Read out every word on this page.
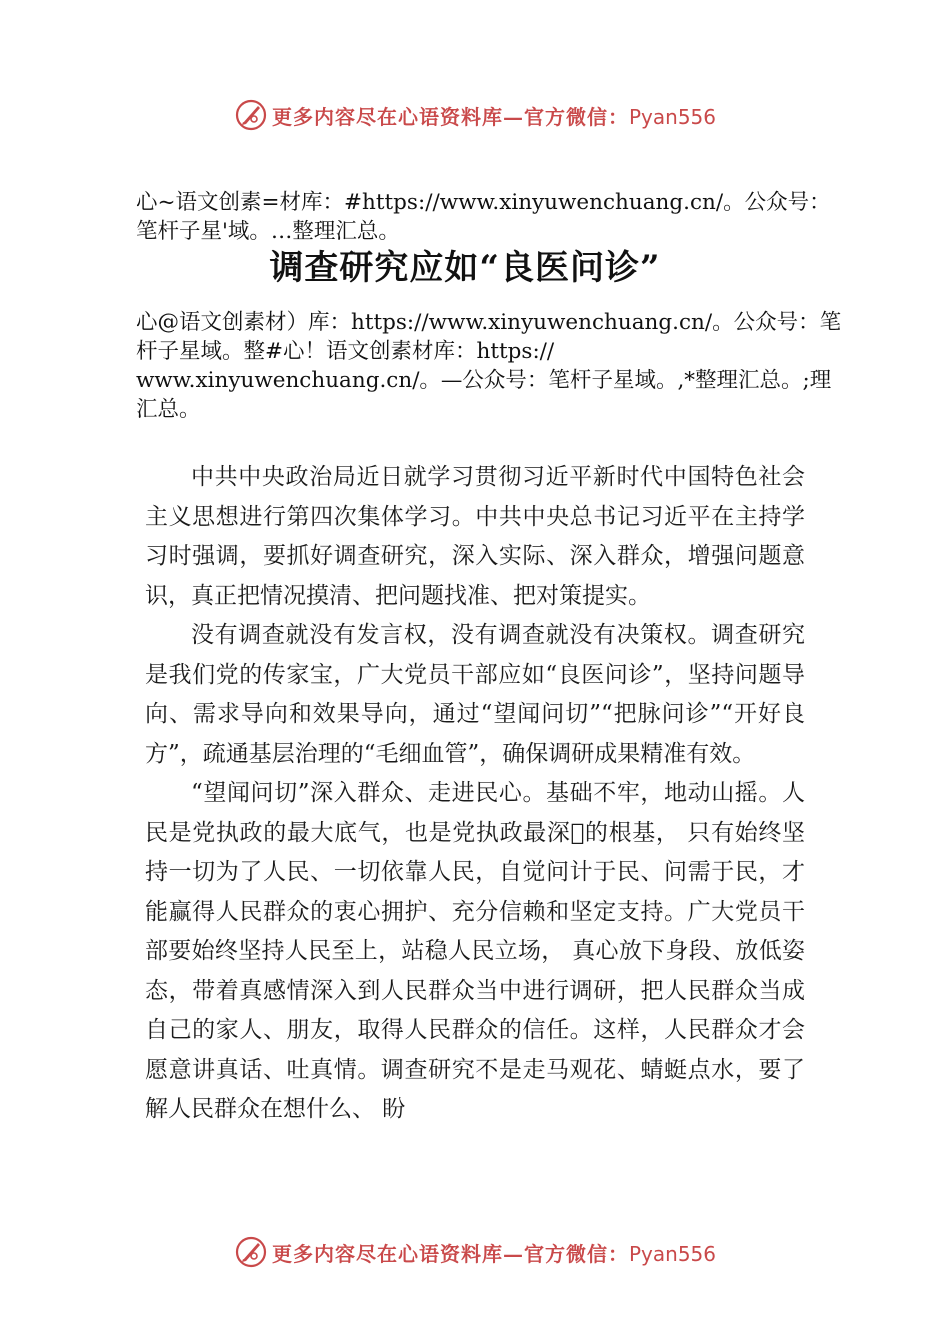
更多内容尽在心语资料库—官方微信：Pyan556
心~语文创素=材库：#https://www.xinyuwenchuang.cn/。公众号：笔杆子星'域。…整理汇总。
调查研究应如“良医问诊”
心@语文创素材）库：https://www.xinyuwenchuang.cn/。公众号：笔杆子星域。整#心！语文创素材库：https://
www.xinyuwenchuang.cn/。—公众号：笔杆子星域。,*整理汇总。;理汇总。

中共中央政治局近日就学习贯彻习近平新时代中国特色社会主义思想进行第四次集体学习。中共中央总书记习近平在主持学习时强调，要抓好调查研究，深入实际、深入群众，增强问题意识，真正把情况摸清、把问题找准、把对策提实。

没有调查就没有发言权，没有调查就没有决策权。调查研究是我们党的传家宝，广大党员干部应如“良医问诊”，坚持问题导向、需求导向和效果导向，通过“望闻问切”“把脉问诊”“开好良方”，疏通基层治理的“毛细血管”，确保调研成果精准有效。

“望闻问切”深入群众、走进民心。基础不牢，地动山摇。人民是党执政的最大底气，也是党执政最深 的根基， 只有始终坚持一切为了人民、一切依靠人民，自觉问计于民、问需于民，才能赢得人民群众的衷心拥护、充分信赖和坚定支持。广大党员干部要始终坚持人民至上，站稳人民立场， 真心放下身段、放低姿态，带着真感情深入到人民群众当中进行调研，把人民群众当成自己的家人、朋友，取得人民群众的信任。这样，人民群众才会愿意讲真话、吐真情。调查研究不是走马观花、蜻蜓点水，要了解人民群众在想什么、 盼

更多内容尽在心语资料库—官方微信：Pyan556
